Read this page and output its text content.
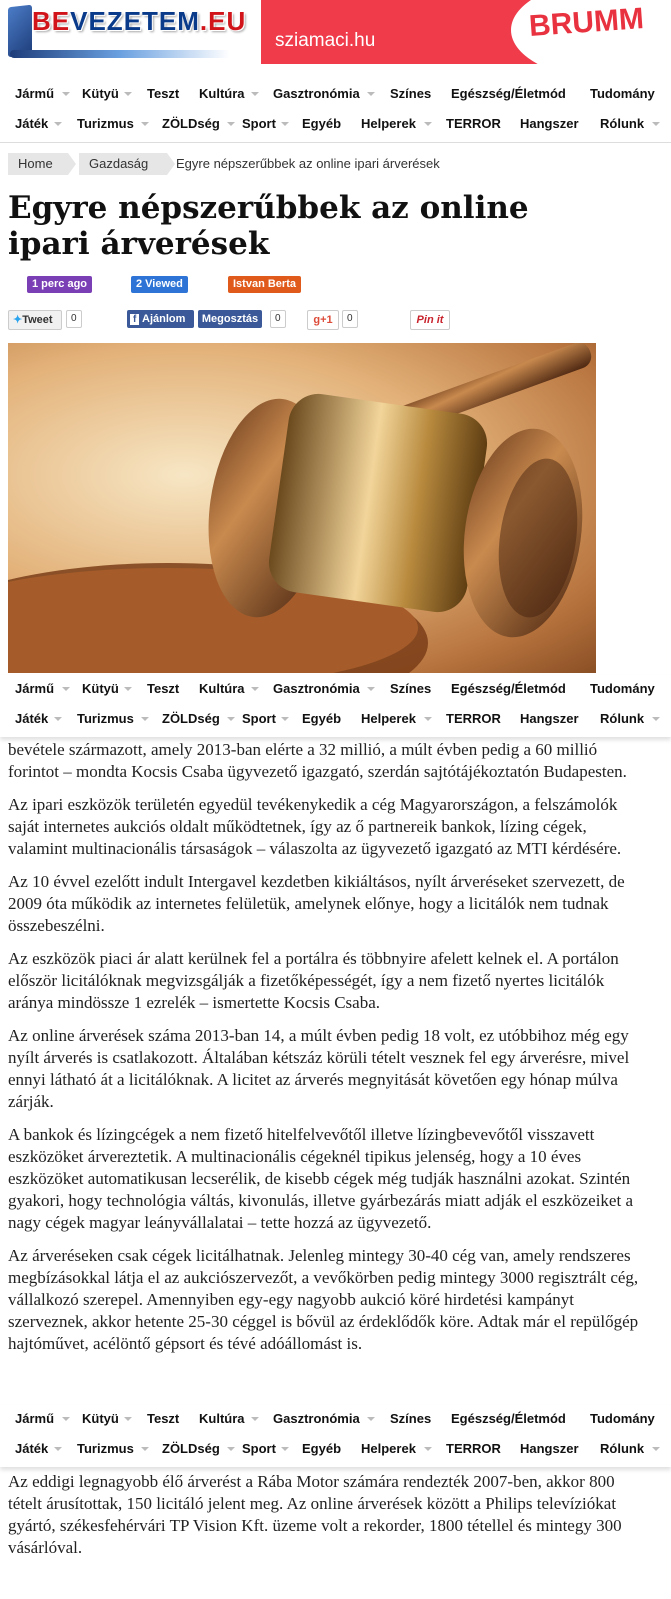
BEVEZETEM.EU
sziamaci.hu	BRUMM
Jármű Kütyü Teszt Kultúra Gasztronómia Színes Egészség/Életmód Tudomány
Játék Turizmus ZÖLDség Sport Egyéb Helperek TERROR Hangszer Rólunk
Home	Gazdaság	Egyre népszerűbbek az online ipari árverések
Egyre népszerűbbek az online ipari árverések
1 perc ago	2 Viewed	Istvan Berta
✦Tweet	0	f Ajánlom	Megosztás	0	g+1	0	Pin it
Jármű Kütyü Teszt Kultúra Gasztronómia Színes Egészség/Életmód Tudomány
Játék Turizmus ZÖLDség Sport Egyéb Helperek TERROR Hangszer Rólunk

bevétele származott, amely 2013-ban elérte a 32 millió, a múlt évben pedig a 60 millió forintot – mondta Kocsis Csaba ügyvezető igazgató, szerdán sajtótájékoztatón Budapesten.

Az ipari eszközök területén egyedül tevékenykedik a cég Magyarországon, a felszámolók saját internetes aukciós oldalt működtetnek, így az ő partnereik bankok, lízing cégek, valamint multinacionális társaságok – válaszolta az ügyvezető igazgató az MTI kérdésére.

Az 10 évvel ezelőtt indult Intergavel kezdetben kikiáltásos, nyílt árveréseket szervezett, de 2009 óta működik az internetes felületük, amelynek előnye, hogy a licitálók nem tudnak összebeszélni.

Az eszközök piaci ár alatt kerülnek fel a portálra és többnyire afelett kelnek el. A portálon először licitálóknak megvizsgálják a fizetőképességét, így a nem fizető nyertes licitálók aránya mindössze 1 ezrelék – ismertette Kocsis Csaba.

Az online árverések száma 2013-ban 14, a múlt évben pedig 18 volt, ez utóbbihoz még egy nyílt árverés is csatlakozott. Általában kétszáz körüli tételt vesznek fel egy árverésre, mivel ennyi látható át a licitálóknak. A licitet az árverés megnyitását követően egy hónap múlva zárják.

A bankok és lízingcégek a nem fizető hitelfelvevőtől illetve lízingbevevőtől visszavett eszközöket árvereztetik. A multinacionális cégeknél tipikus jelenség, hogy a 10 éves eszközöket automatikusan lecserélik, de kisebb cégek még tudják használni azokat. Szintén gyakori, hogy technológia váltás, kivonulás, illetve gyárbezárás miatt adják el eszközeiket a nagy cégek magyar leányvállalatai – tette hozzá az ügyvezető.

Az árveréseken csak cégek licitálhatnak. Jelenleg mintegy 30-40 cég van, amely rendszeres megbízásokkal látja el az aukciószervezőt, a vevőkörben pedig mintegy 3000 regisztrált cég, vállalkozó szerepel. Amennyiben egy-egy nagyobb aukció köré hirdetési kampányt szerveznek, akkor hetente 25-30 céggel is bővül az érdeklődők köre. Adtak már el repülőgép hajtóművet, acélöntő gépsort és tévé adóállomást is.

Jármű Kütyü Teszt Kultúra Gasztronómia Színes Egészség/Életmód Tudomány
Játék Turizmus ZÖLDség Sport Egyéb Helperek TERROR Hangszer Rólunk

Az eddigi legnagyobb élő árverést a Rába Motor számára rendezték 2007-ben, akkor 800 tételt árusítottak, 150 licitáló jelent meg. Az online árverések között a Philips televíziókat gyártó, székesfehérvári TP Vision Kft. üzeme volt a rekorder, 1800 tétellel és mintegy 300 vásárlóval.
